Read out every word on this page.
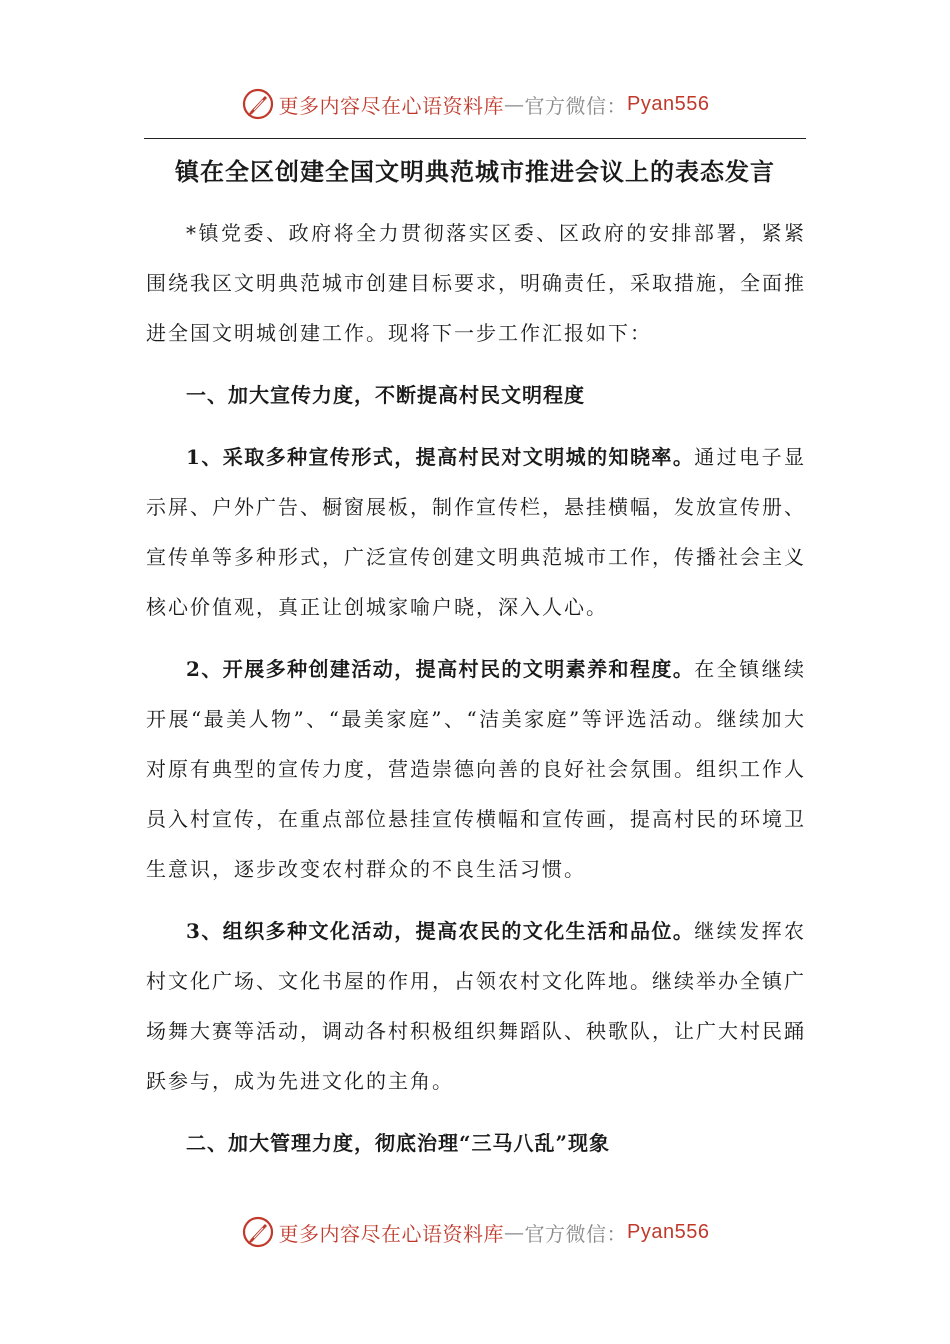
更多内容尽在心语资料库 — 官方微信： Pyan556
镇在全区创建全国文明典范城市推进会议上的表态发言

*镇党委、政府将全力贯彻落实区委、区政府的安排部署，紧紧围绕我区文明典范城市创建目标要求，明确责任，采取措施，全面推进全国文明城创建工作。现将下一步工作汇报如下：

一、加大宣传力度，不断提高村民文明程度

1、采取多种宣传形式，提高村民对文明城的知晓率。通过电子显示屏、户外广告、橱窗展板，制作宣传栏，悬挂横幅，发放宣传册、宣传单等多种形式，广泛宣传创建文明典范城市工作，传播社会主义核心价值观，真正让创城家喻户晓，深入人心。

2、开展多种创建活动，提高村民的文明素养和程度。在全镇继续开展“最美人物”、“最美家庭”、“洁美家庭”等评选活动。继续加大对原有典型的宣传力度，营造崇德向善的良好社会氛围。组织工作人员入村宣传，在重点部位悬挂宣传横幅和宣传画，提高村民的环境卫生意识，逐步改变农村群众的不良生活习惯。

3、组织多种文化活动，提高农民的文化生活和品位。继续发挥农村文化广场、文化书屋的作用，占领农村文化阵地。继续举办全镇广场舞大赛等活动，调动各村积极组织舞蹈队、秧歌队，让广大村民踊跃参与，成为先进文化的主角。

二、加大管理力度，彻底治理“三马八乱”现象

更多内容尽在心语资料库 — 官方微信： Pyan556
